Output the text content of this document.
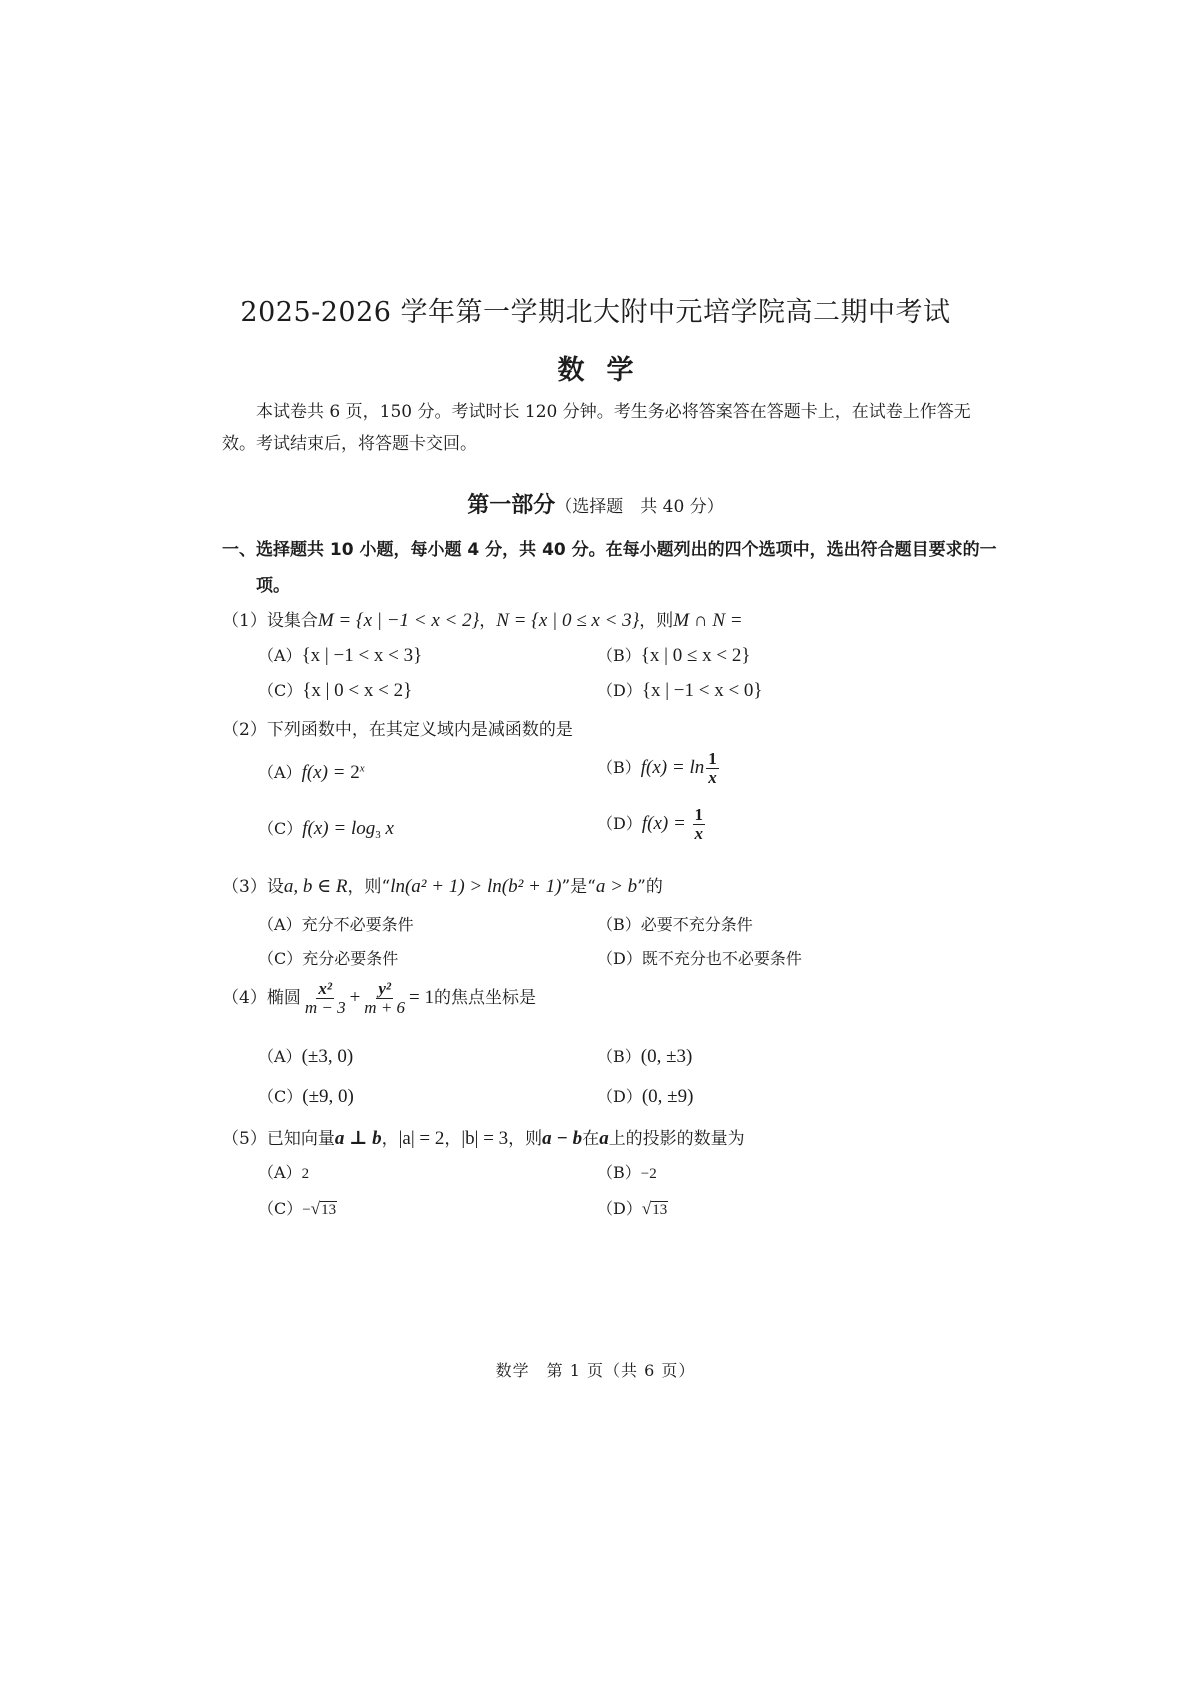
2025-2026 学年第一学期北大附中元培学院高二期中考试
数学
本试卷共 6 页，150 分。考试时长 120 分钟。考生务必将答案答在答题卡上，在试卷上作答无效。考试结束后，将答题卡交回。
第一部分（选择题　共 40 分）
一、选择题共 10 小题，每小题 4 分，共 40 分。在每小题列出的四个选项中，选出符合题目要求的一项。
（1）设集合M = {x | −1 < x < 2}，N = {x | 0 ≤ x < 3}，则M ∩ N =
（A）{x | −1 < x < 3}	（B）{x | 0 ≤ x < 2}
（C）{x | 0 < x < 2}	（D）{x | −1 < x < 0}
（2）下列函数中，在其定义域内是减函数的是
$(A)f(x) = 2^x$	$(B)f(x) = \ln \frac{1}{x}$
$(C)f(x) = \log_3 x$	$(D)f(x) = \frac{1}{x}$
（3）设a, b ∈ R，则“ln(a² + 1) > ln(b² + 1)”是“a > b”的
（A）充分不必要条件	（B）必要不充分条件
（C）充分必要条件	（D）既不充分也不必要条件
（4）椭圆 $\frac{\text{x²}}{m - 3} + \frac{\text{y²}}{m + 6} = 1$的焦点坐标是
（A）(±3, 0)	（B）(0, ±3)
（C）(±9, 0)	（D）(0, ±9)
（5）已知向量a ⊥ b，|a| = 2，|b| = 3，则a − b在a上的投影的数量为
（A）2	（B）−2
（C）−√13	（D）√13
数学　第 1 页（共 6 页）
